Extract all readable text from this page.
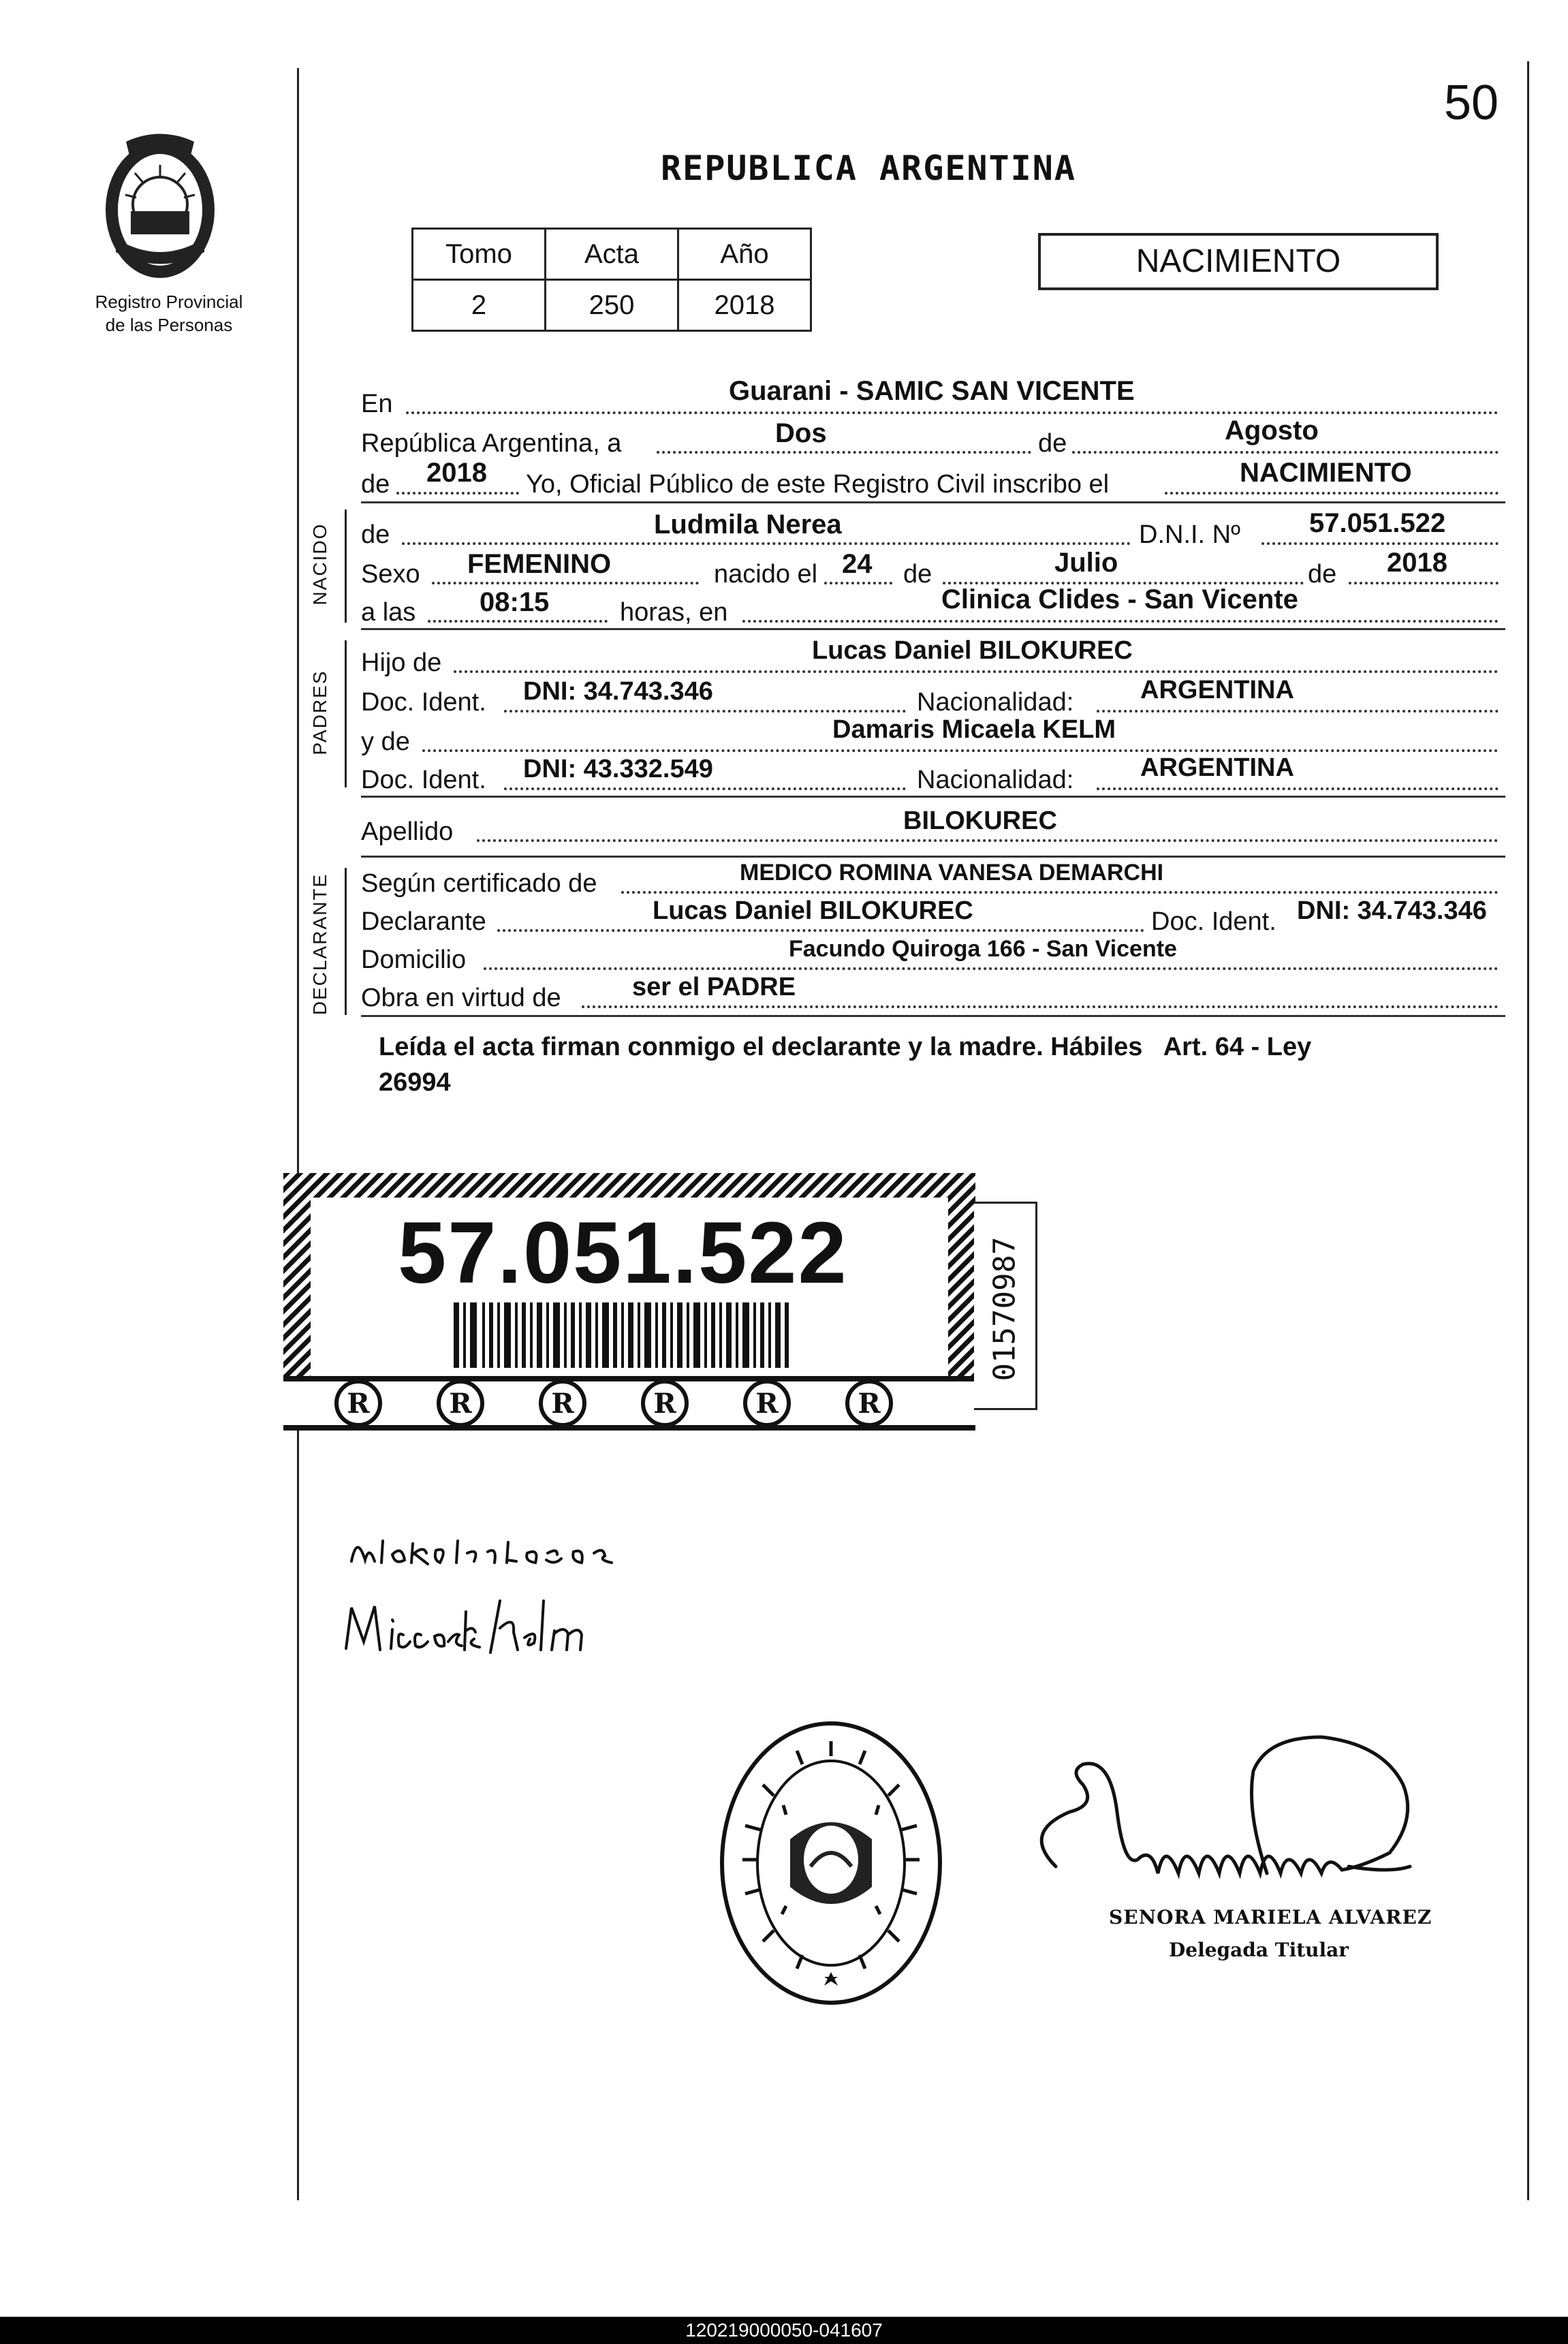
50
Registro Provincial
de las Personas
REPUBLICA ARGENTINA
Tomo	Acta	Año
2	250	2018
NACIMIENTO
En	Guarani - SAMIC SAN VICENTE
República Argentina, a	Dos	de	Agosto
de 2018 Yo, Oficial Público de este Registro Civil inscribo el	NACIMIENTO
NACIDO de	Ludmila Nerea	D.N.I. Nº	57.051.522
Sexo FEMENINO	nacido el 24 de	Julio	de 2018
a las 08:15	horas, en	Clinica Clides - San Vicente
PADRES
Hijo de	Lucas Daniel BILOKUREC
Doc. Ident. DNI: 34.743.346	Nacionalidad:	ARGENTINA
y de	Damaris Micaela KELM
Doc. Ident. DNI: 43.332.549	Nacionalidad:	ARGENTINA
Apellido	BILOKUREC
DECLARANTE Según certificado de	MEDICO ROMINA VANESA DEMARCHI
Declarante	Lucas Daniel BILOKUREC	Doc. Ident. DNI: 34.743.346
Domicilio	Facundo Quiroga 166 - San Vicente
Obra en virtud de	ser el PADRE
Leída el acta firman conmigo el declarante y la madre. Hábiles   Art. 64 - Ley
26994
R	R	R	R	R	R
57.051.522	01570987
SENORA MARIELA ALVAREZ
Delegada Titular
120219000050-041607
